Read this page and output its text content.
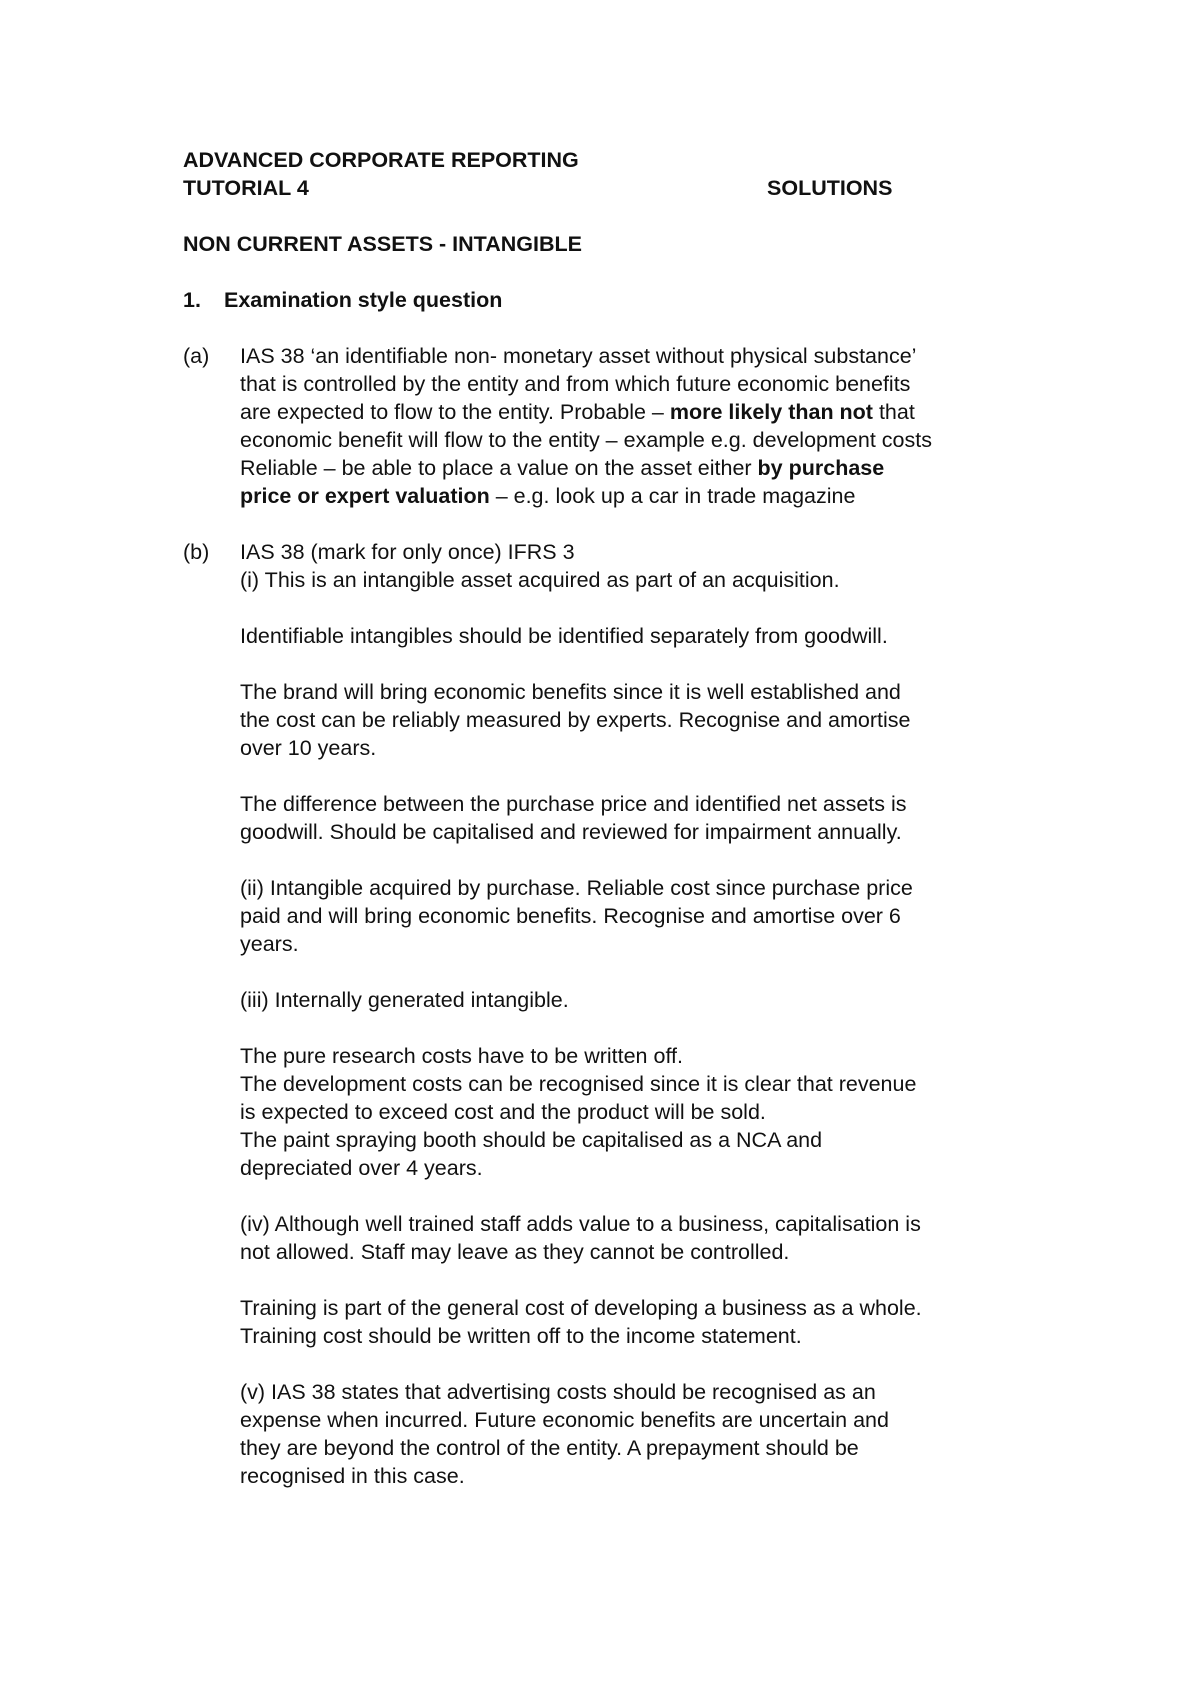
ADVANCED CORPORATE REPORTING
TUTORIAL 4	SOLUTIONS
NON CURRENT ASSETS - INTANGIBLE
1. Examination style question
(a) IAS 38 ‘an identifiable non- monetary asset without physical substance’
that is controlled by the entity and from which future economic benefits
are expected to flow to the entity. Probable – more likely than not that
economic benefit will flow to the entity – example e.g. development costs
Reliable – be able to place a value on the asset either by purchase
price or expert valuation – e.g. look up a car in trade magazine
(b) IAS 38 (mark for only once) IFRS 3
(i) This is an intangible asset acquired as part of an acquisition.
Identifiable intangibles should be identified separately from goodwill.
The brand will bring economic benefits since it is well established and
the cost can be reliably measured by experts. Recognise and amortise
over 10 years.
The difference between the purchase price and identified net assets is
goodwill. Should be capitalised and reviewed for impairment annually.
(ii) Intangible acquired by purchase. Reliable cost since purchase price
paid and will bring economic benefits. Recognise and amortise over 6
years.
(iii) Internally generated intangible.
The pure research costs have to be written off.
The development costs can be recognised since it is clear that revenue
is expected to exceed cost and the product will be sold.
The paint spraying booth should be capitalised as a NCA and
depreciated over 4 years.
(iv) Although well trained staff adds value to a business, capitalisation is
not allowed. Staff may leave as they cannot be controlled.
Training is part of the general cost of developing a business as a whole.
Training cost should be written off to the income statement.
(v) IAS 38 states that advertising costs should be recognised as an
expense when incurred. Future economic benefits are uncertain and
they are beyond the control of the entity. A prepayment should be
recognised in this case.
